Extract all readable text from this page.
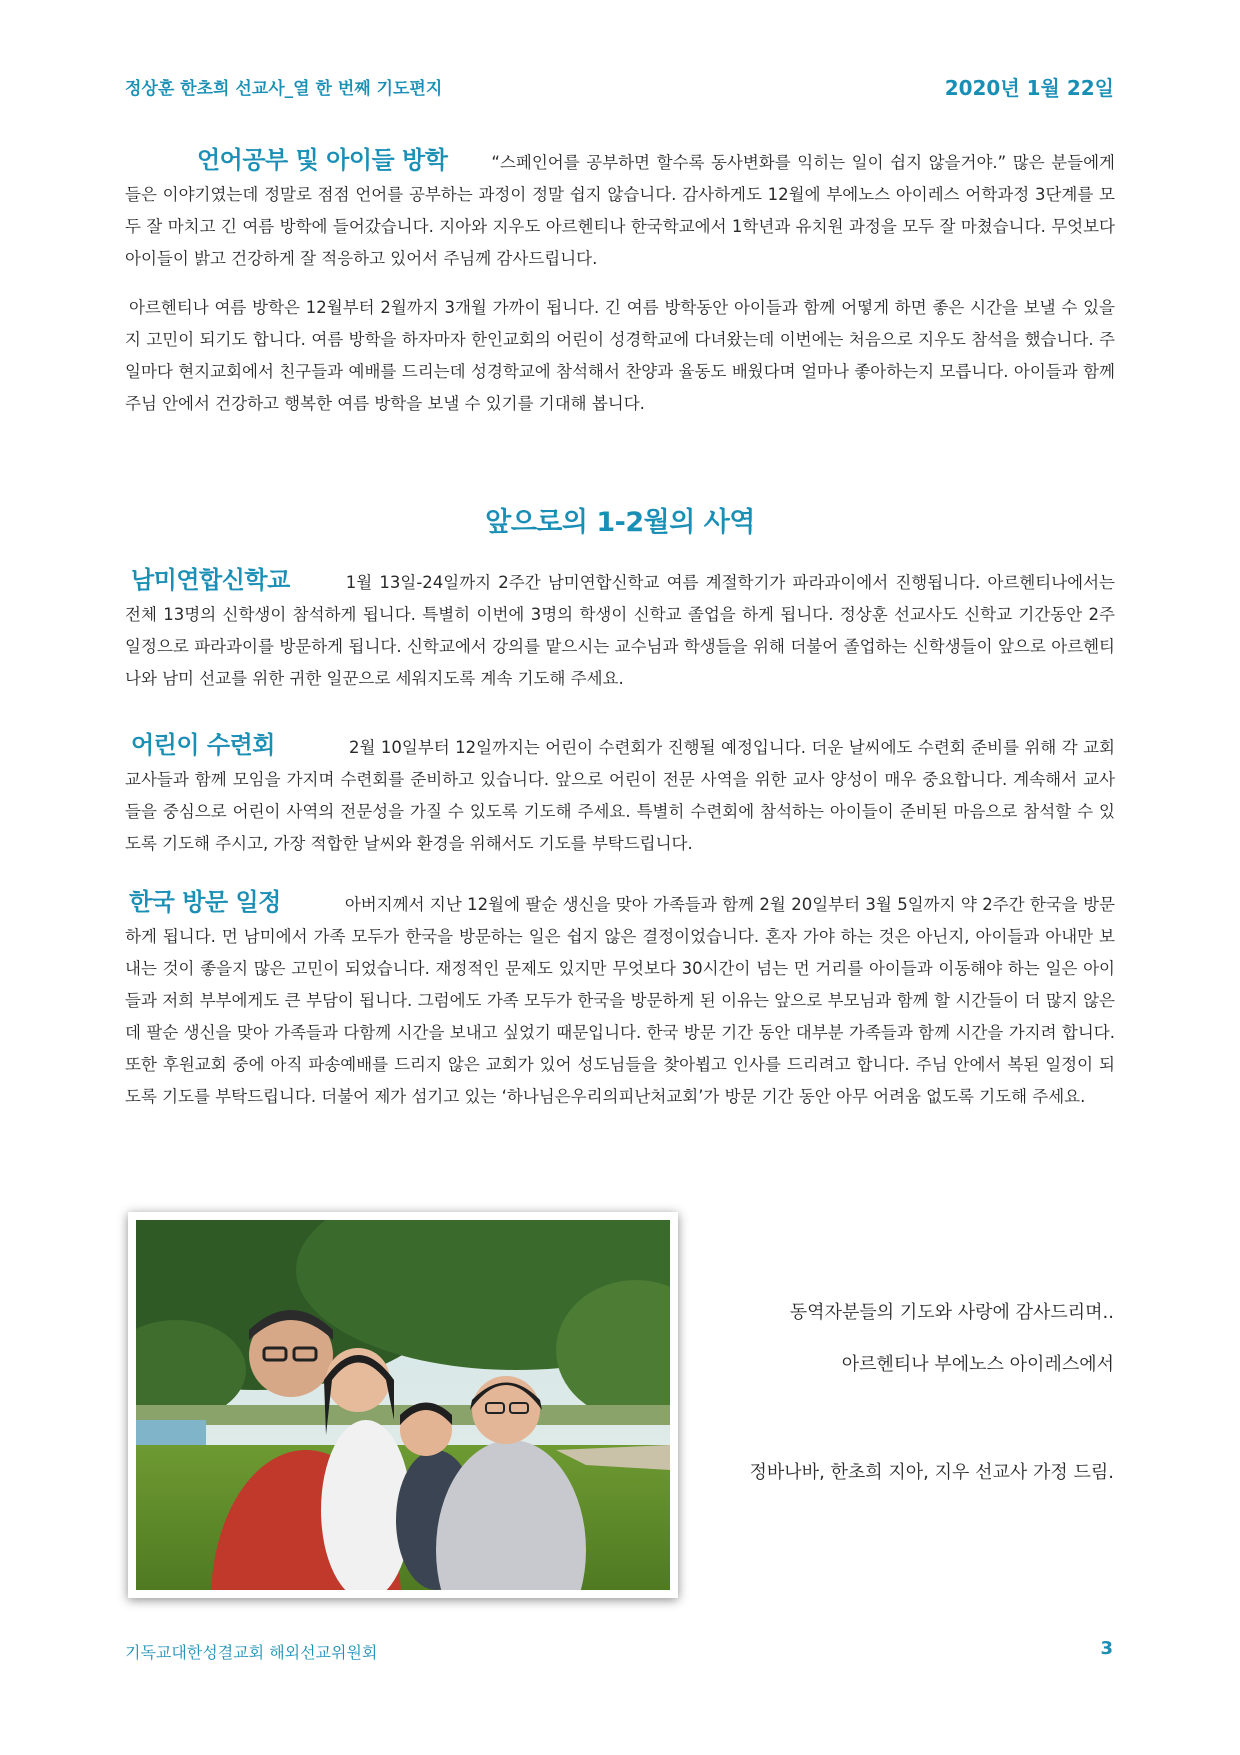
정상훈 한초희 선교사_열 한 번째 기도편지	2020년 1월 22일

언어공부 및 아이들 방학	“스페인어를 공부하면 할수록 동사변화를 익히는 일이 쉽지 않을거야.” 많은 분들에게 들은 이야기였는데 정말로 점점 언어를 공부하는 과정이 정말 쉽지 않습니다. 감사하게도 12월에 부에노스 아이레스 어학과정 3단계를 모두 잘 마치고 긴 여름 방학에 들어갔습니다. 지아와 지우도 아르헨티나 한국학교에서 1학년과 유치원 과정을 모두 잘 마쳤습니다. 무엇보다 아이들이 밝고 건강하게 잘 적응하고 있어서 주님께 감사드립니다.

아르헨티나 여름 방학은 12월부터 2월까지 3개월 가까이 됩니다. 긴 여름 방학동안 아이들과 함께 어떻게 하면 좋은 시간을 보낼 수 있을지 고민이 되기도 합니다. 여름 방학을 하자마자 한인교회의 어린이 성경학교에 다녀왔는데 이번에는 처음으로 지우도 참석을 했습니다. 주일마다 현지교회에서 친구들과 예배를 드리는데 성경학교에 참석해서 찬양과 율동도 배웠다며 얼마나 좋아하는지 모릅니다. 아이들과 함께 주님 안에서 건강하고 행복한 여름 방학을 보낼 수 있기를 기대해 봅니다.

앞으로의 1-2월의 사역

남미연합신학교	1월 13일-24일까지 2주간 남미연합신학교 여름 계절학기가 파라과이에서 진행됩니다. 아르헨티나에서는 전체 13명의 신학생이 참석하게 됩니다. 특별히 이번에 3명의 학생이 신학교 졸업을 하게 됩니다. 정상훈 선교사도 신학교 기간동안 2주 일정으로 파라과이를 방문하게 됩니다. 신학교에서 강의를 맡으시는 교수님과 학생들을 위해 더불어 졸업하는 신학생들이 앞으로 아르헨티나와 남미 선교를 위한 귀한 일꾼으로 세워지도록 계속 기도해 주세요.

어린이 수련회	2월 10일부터 12일까지는 어린이 수련회가 진행될 예정입니다. 더운 날씨에도 수련회 준비를 위해 각 교회 교사들과 함께 모임을 가지며 수련회를 준비하고 있습니다. 앞으로 어린이 전문 사역을 위한 교사 양성이 매우 중요합니다. 계속해서 교사들을 중심으로 어린이 사역의 전문성을 가질 수 있도록 기도해 주세요. 특별히 수련회에 참석하는 아이들이 준비된 마음으로 참석할 수 있도록 기도해 주시고, 가장 적합한 날씨와 환경을 위해서도 기도를 부탁드립니다.

한국 방문 일정	아버지께서 지난 12월에 팔순 생신을 맞아 가족들과 함께 2월 20일부터 3월 5일까지 약 2주간 한국을 방문하게 됩니다. 먼 남미에서 가족 모두가 한국을 방문하는 일은 쉽지 않은 결정이었습니다. 혼자 가야 하는 것은 아닌지, 아이들과 아내만 보내는 것이 좋을지 많은 고민이 되었습니다. 재정적인 문제도 있지만 무엇보다 30시간이 넘는 먼 거리를 아이들과 이동해야 하는 일은 아이들과 저희 부부에게도 큰 부담이 됩니다. 그럼에도 가족 모두가 한국을 방문하게 된 이유는 앞으로 부모님과 함께 할 시간들이 더 많지 않은데 팔순 생신을 맞아 가족들과 다함께 시간을 보내고 싶었기 때문입니다. 한국 방문 기간 동안 대부분 가족들과 함께 시간을 가지려 합니다. 또한 후원교회 중에 아직 파송예배를 드리지 않은 교회가 있어 성도님들을 찾아뵙고 인사를 드리려고 합니다. 주님 안에서 복된 일정이 되도록 기도를 부탁드립니다. 더불어 제가 섬기고 있는 ‘하나님은우리의피난처교회’가 방문 기간 동안 아무 어려움 없도록 기도해 주세요.

동역자분들의 기도와 사랑에 감사드리며..

아르헨티나 부에노스 아이레스에서

정바나바, 한초희 지아, 지우 선교사 가정 드림.

기독교대한성결교회 해외선교위원회	3
